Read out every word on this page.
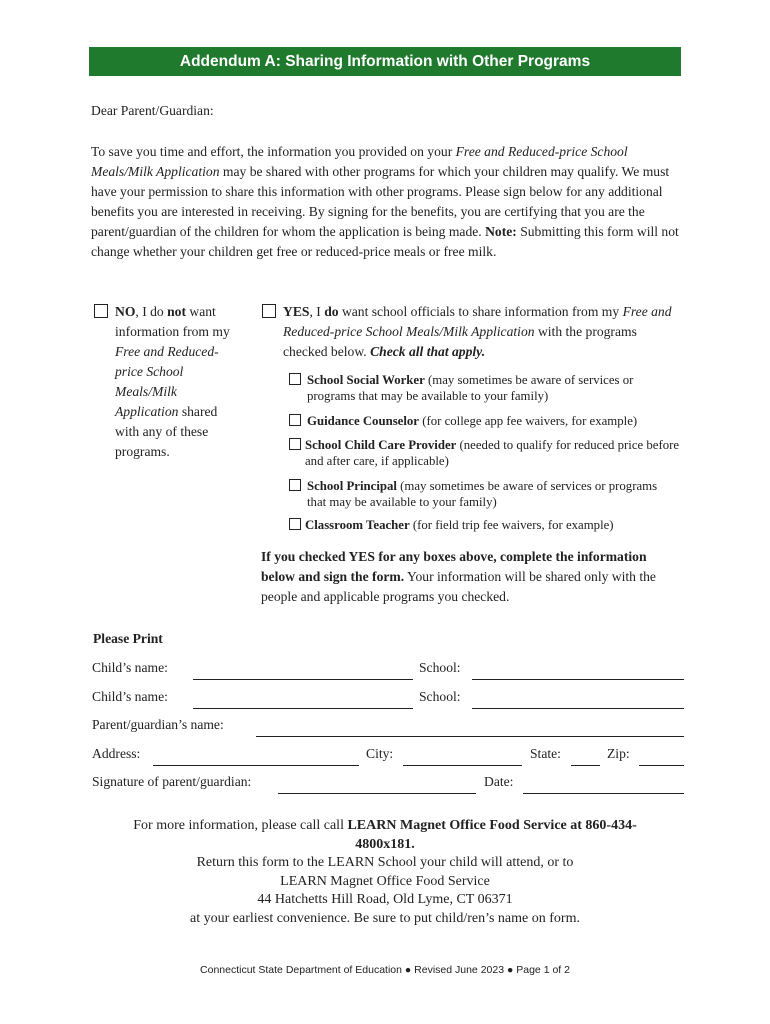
Addendum A: Sharing Information with Other Programs
Dear Parent/Guardian:
To save you time and effort, the information you provided on your Free and Reduced-price School Meals/Milk Application may be shared with other programs for which your children may qualify. We must have your permission to share this information with other programs. Please sign below for any additional benefits you are interested in receiving. By signing for the benefits, you are certifying that you are the parent/guardian of the children for whom the application is being made. Note: Submitting this form will not change whether your children get free or reduced-price meals or free milk.
NO, I do not want information from my Free and Reduced-price School Meals/Milk Application shared with any of these programs.
YES, I do want school officials to share information from my Free and Reduced-price School Meals/Milk Application with the programs checked below. Check all that apply.
School Social Worker (may sometimes be aware of services or programs that may be available to your family)
Guidance Counselor (for college app fee waivers, for example)
School Child Care Provider (needed to qualify for reduced price before and after care, if applicable)
School Principal (may sometimes be aware of services or programs that may be available to your family)
Classroom Teacher (for field trip fee waivers, for example)
If you checked YES for any boxes above, complete the information below and sign the form. Your information will be shared only with the people and applicable programs you checked.
Please Print
Child’s name:	School:
Child’s name:	School:
Parent/guardian’s name:
Address:	City:	State:	Zip:
Signature of parent/guardian:	Date:
For more information, please call call LEARN Magnet Office Food Service at 860-434-4800x181.
Return this form to the LEARN School your child will attend, or to
LEARN Magnet Office Food Service
44 Hatchetts Hill Road, Old Lyme, CT 06371
at your earliest convenience. Be sure to put child/ren’s name on form.
Connecticut State Department of Education ● Revised June 2023 ● Page 1 of 2
